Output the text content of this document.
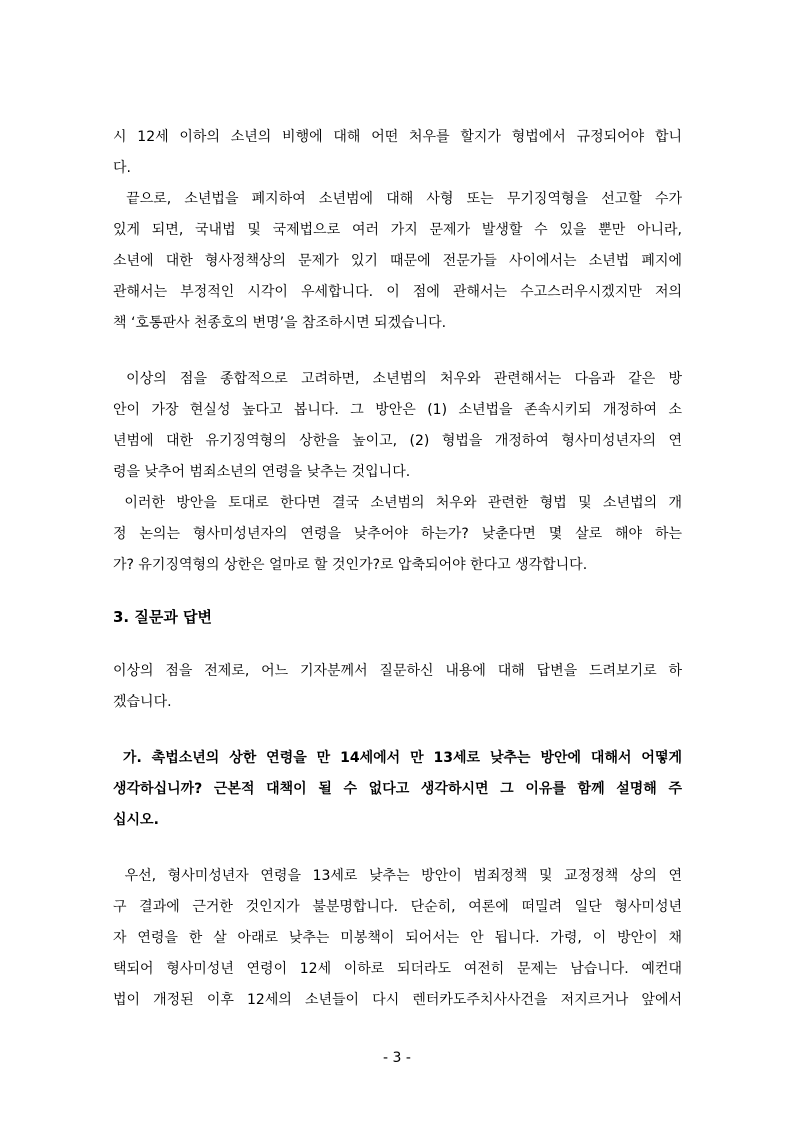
시 12세 이하의 소년의 비행에 대해 어떤 처우를 할지가 형법에서 규정되어야 합니

다.

끝으로, 소년법을 폐지하여 소년범에 대해 사형 또는 무기징역형을 선고할 수가

있게 되면, 국내법 및 국제법으로 여러 가지 문제가 발생할 수 있을 뿐만 아니라,

소년에 대한 형사정책상의 문제가 있기 때문에 전문가들 사이에서는 소년법 폐지에

관해서는 부정적인 시각이 우세합니다. 이 점에 관해서는 수고스러우시겠지만 저의

책 ‘호통판사 천종호의 변명’을 참조하시면 되겠습니다.

이상의 점을 종합적으로 고려하면, 소년범의 처우와 관련해서는 다음과 같은 방

안이 가장 현실성 높다고 봅니다. 그 방안은 (1) 소년법을 존속시키되 개정하여 소

년범에 대한 유기징역형의 상한을 높이고, (2) 형법을 개정하여 형사미성년자의 연

령을 낮추어 범죄소년의 연령을 낮추는 것입니다.

이러한 방안을 토대로 한다면 결국 소년범의 처우와 관련한 형법 및 소년법의 개

정 논의는 형사미성년자의 연령을 낮추어야 하는가? 낮춘다면 몇 살로 해야 하는

가? 유기징역형의 상한은 얼마로 할 것인가?로 압축되어야 한다고 생각합니다.

3. 질문과 답변

이상의 점을 전제로, 어느 기자분께서 질문하신 내용에 대해 답변을 드려보기로 하

겠습니다.

가. 촉법소년의 상한 연령을 만 14세에서 만 13세로 낮추는 방안에 대해서 어떻게

생각하십니까? 근본적 대책이 될 수 없다고 생각하시면 그 이유를 함께 설명해 주

십시오.

우선, 형사미성년자 연령을 13세로 낮추는 방안이 범죄정책 및 교정정책 상의 연

구 결과에 근거한 것인지가 불분명합니다. 단순히, 여론에 떠밀려 일단 형사미성년

자 연령을 한 살 아래로 낮추는 미봉책이 되어서는 안 됩니다. 가령, 이 방안이 채

택되어 형사미성년 연령이 12세 이하로 되더라도 여전히 문제는 남습니다. 예컨대

법이 개정된 이후 12세의 소년들이 다시 렌터카도주치사사건을 저지르거나 앞에서

- 3 -
